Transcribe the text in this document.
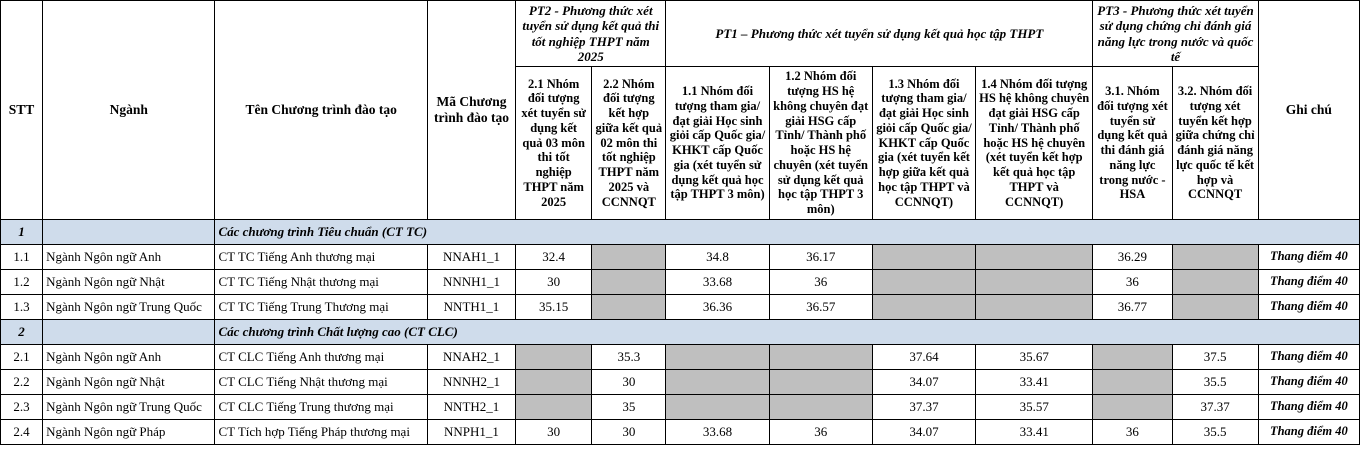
STT	Ngành	Tên Chương trình đào tạo	Mã Chương trình đào tạo	PT2 - Phương thức xét tuyển sử dụng kết quả thi tốt nghiệp THPT năm 2025		PT1 – Phương thức xét tuyển sử dụng kết quả học tập THPT				PT3 - Phương thức xét tuyển sử dụng chứng chỉ đánh giá năng lực trong nước và quốc tế		Ghi chú
				2.1 Nhóm đối tượng xét tuyển sử dụng kết quả 03 môn thi tốt nghiệp THPT năm 2025	2.2 Nhóm đối tượng kết hợp giữa kết quả 02 môn thi tốt nghiệp THPT năm 2025 và CCNNQT	1.1 Nhóm đối tượng tham gia/đạt giải Học sinh giỏi cấp Quốc gia/ KHKT cấp Quốc gia (xét tuyển sử dụng kết quả học tập THPT 3 môn)	1.2 Nhóm đối tượng HS hệ không chuyên đạt giải HSG cấp Tỉnh/ Thành phố hoặc HS hệ chuyên (xét tuyển sử dụng kết quả học tập THPT 3 môn)	1.3 Nhóm đối tượng tham gia/đạt giải Học sinh giỏi cấp Quốc gia/ KHKT cấp Quốc gia (xét tuyển kết hợp giữa kết quả học tập THPT và CCNNQT)	1.4 Nhóm đối tượng HS hệ không chuyên đạt giải HSG cấp Tỉnh/ Thành phố hoặc HS hệ chuyên (xét tuyển kết hợp kết quả học tập THPT và CCNNQT)	3.1. Nhóm đối tượng xét tuyển sử dụng kết quả thi đánh giá năng lực trong nước - HSA	3.2. Nhóm đối tượng xét tuyển kết hợp giữa chứng chỉ đánh giá năng lực quốc tế kết hợp và CCNNQT	

1		Các chương trình Tiêu chuẩn (CT TC)										
1.1	Ngành Ngôn ngữ Anh	CT TC Tiếng Anh thương mại	NNAH1_1	32.4		34.8	36.17			36.29		Thang điểm 40
1.2	Ngành Ngôn ngữ Nhật	CT TC Tiếng Nhật thương mại	NNNH1_1	30		33.68	36			36		Thang điểm 40
1.3	Ngành Ngôn ngữ Trung Quốc	CT TC Tiếng Trung Thương mại	NNTH1_1	35.15		36.36	36.57			36.77		Thang điểm 40
2		Các chương trình Chất lượng cao (CT CLC)										
2.1	Ngành Ngôn ngữ Anh	CT CLC Tiếng Anh thương mại	NNAH2_1		35.3			37.64	35.67		37.5	Thang điểm 40
2.2	Ngành Ngôn ngữ Nhật	CT CLC Tiếng Nhật thương mại	NNNH2_1		30			34.07	33.41		35.5	Thang điểm 40
2.3	Ngành Ngôn ngữ Trung Quốc	CT CLC Tiếng Trung thương mại	NNTH2_1		35			37.37	35.57		37.37	Thang điểm 40
2.4	Ngành Ngôn ngữ Pháp	CT Tích hợp Tiếng Pháp thương mại	NNPH1_1	30	30	33.68	36	34.07	33.41	36	35.5	Thang điểm 40
